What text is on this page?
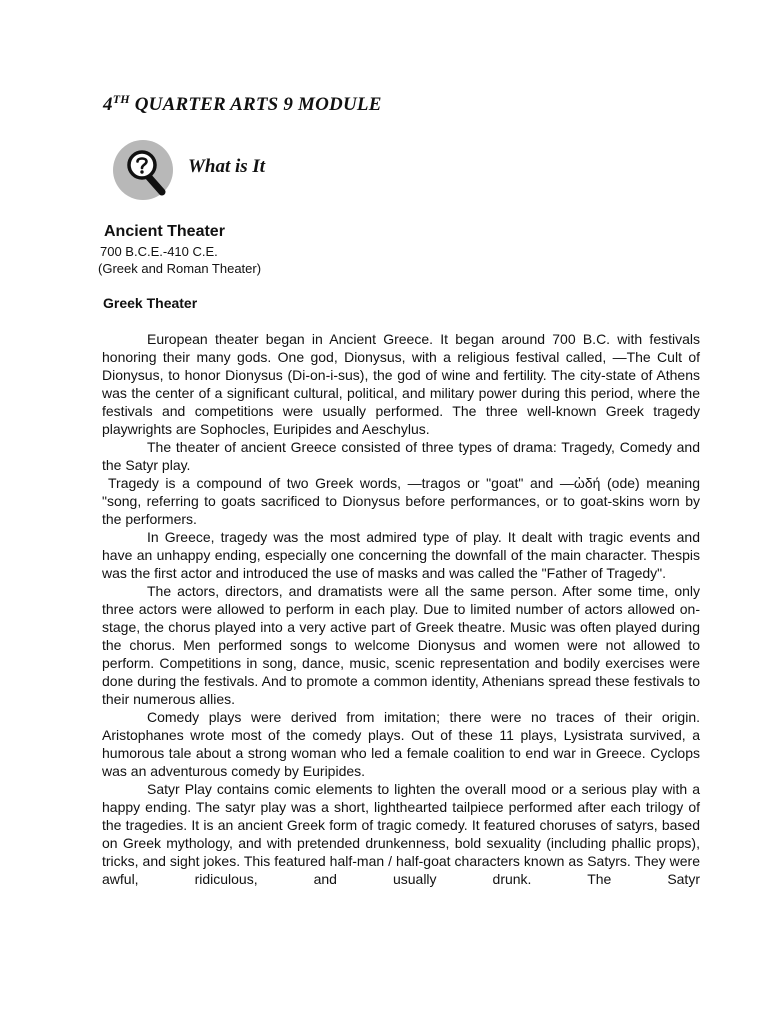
4TH QUARTER ARTS 9 MODULE
What is It
Ancient Theater
700 B.C.E.-410 C.E.
(Greek and Roman Theater)
Greek Theater

European theater began in Ancient Greece. It began around 700 B.C. with festivals honoring their many gods. One god, Dionysus, with a religious festival called, —The Cult of Dionysus, to honor Dionysus (Di-on-i-sus), the god of wine and fertility. The city-state of Athens was the center of a significant cultural, political, and military power during this period, where the festivals and competitions were usually performed. The three well-known Greek tragedy playwrights are Sophocles, Euripides and Aeschylus.

The theater of ancient Greece consisted of three types of drama: Tragedy, Comedy and the Satyr play.

Tragedy is a compound of two Greek words, —tragos or "goat" and —ὠδή (ode) meaning "song, referring to goats sacrificed to Dionysus before performances, or to goat-skins worn by the performers.

In Greece, tragedy was the most admired type of play. It dealt with tragic events and have an unhappy ending, especially one concerning the downfall of the main character. Thespis was the first actor and introduced the use of masks and was called the "Father of Tragedy".

The actors, directors, and dramatists were all the same person. After some time, only three actors were allowed to perform in each play. Due to limited number of actors allowed on-stage, the chorus played into a very active part of Greek theatre. Music was often played during the chorus. Men performed songs to welcome Dionysus and women were not allowed to perform. Competitions in song, dance, music, scenic representation and bodily exercises were done during the festivals. And to promote a common identity, Athenians spread these festivals to their numerous allies.

Comedy plays were derived from imitation; there were no traces of their origin. Aristophanes wrote most of the comedy plays. Out of these 11 plays, Lysistrata survived, a humorous tale about a strong woman who led a female coalition to end war in Greece. Cyclops was an adventurous comedy by Euripides.

Satyr Play contains comic elements to lighten the overall mood or a serious play with a happy ending. The satyr play was a short, lighthearted tailpiece performed after each trilogy of the tragedies. It is an ancient Greek form of tragic comedy. It featured choruses of satyrs, based on Greek mythology, and with pretended drunkenness, bold sexuality (including phallic props), tricks, and sight jokes. This featured half-man / half-goat characters known as Satyrs. They were awful, ridiculous, and usually drunk. The Satyr
